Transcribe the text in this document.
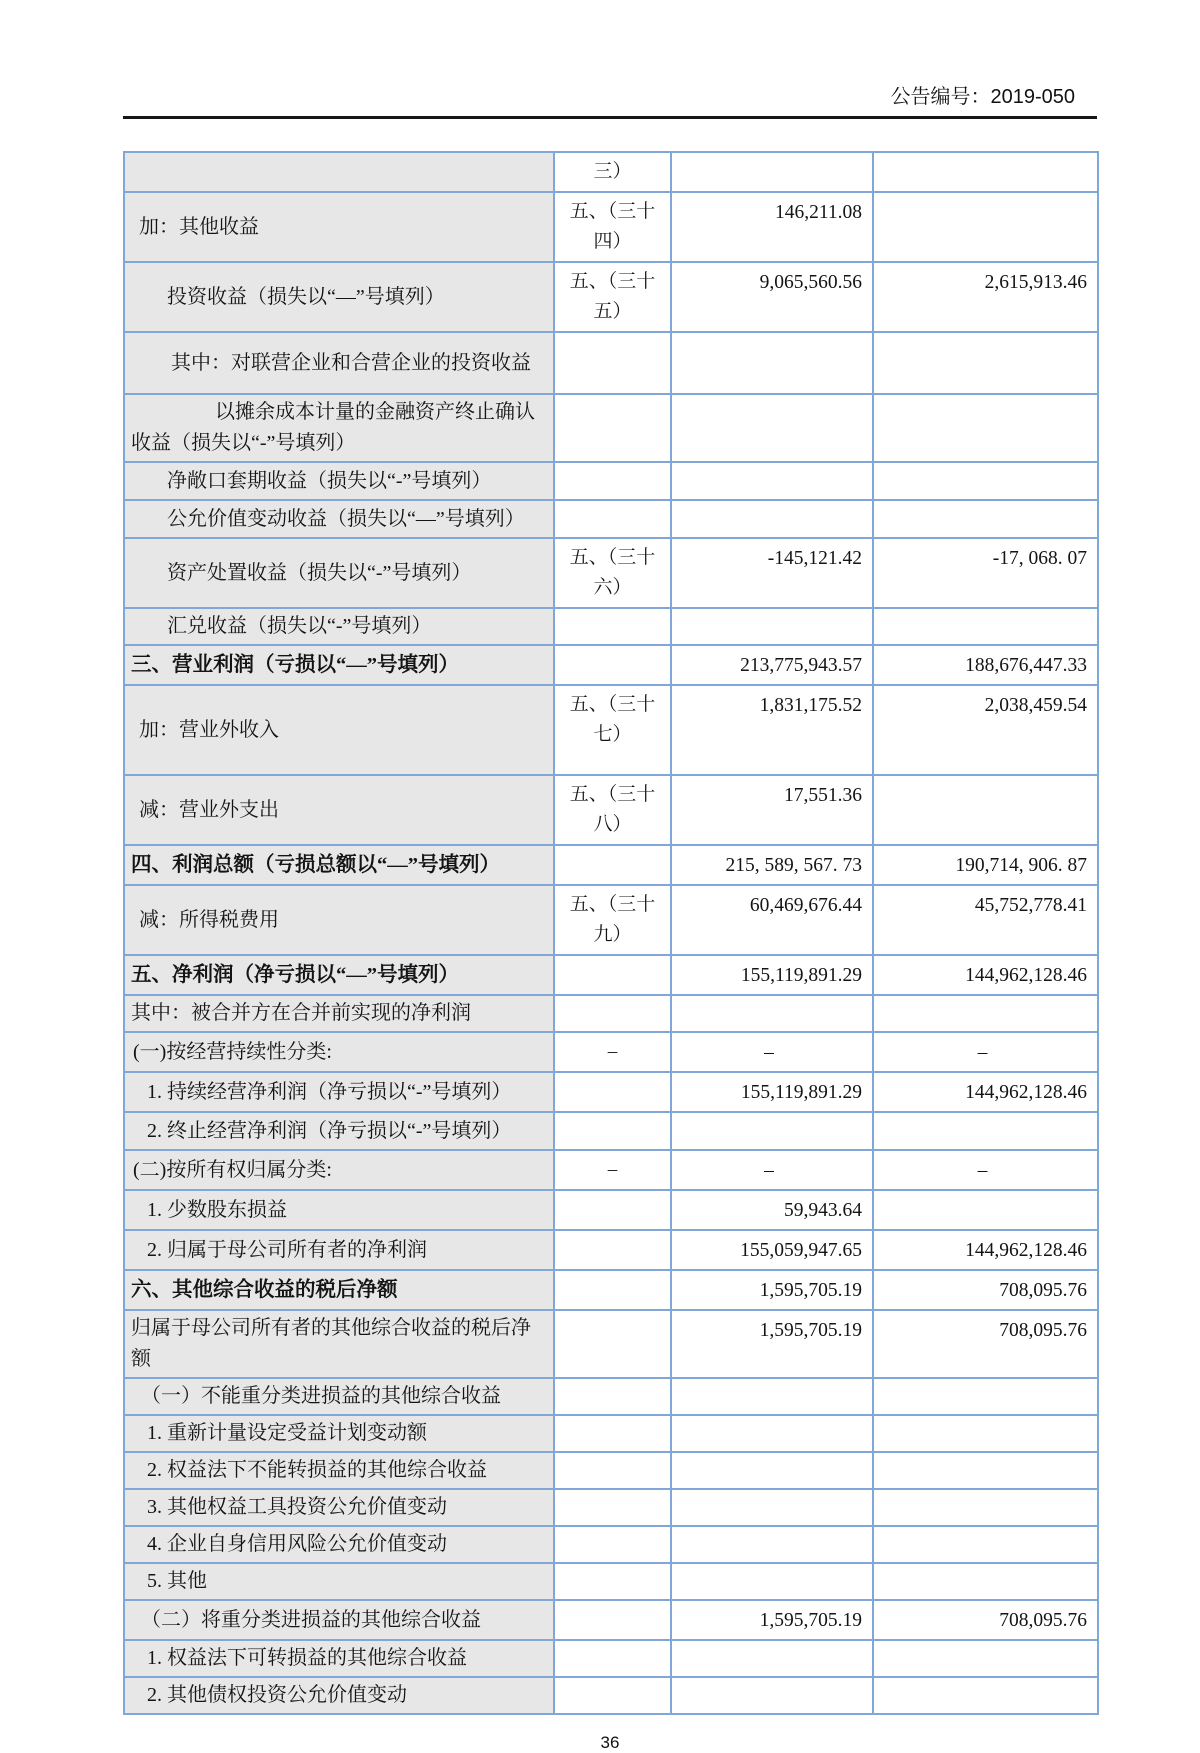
公告编号：2019-050
	三）		
加：其他收益	五、（三十四）	146,211.08	
投资收益（损失以“—”号填列）	五、（三十五）	9,065,560.56	2,615,913.46
其中：对联营企业和合营企业的投资收益			
以摊余成本计量的金融资产终止确认收益（损失以“-”号填列）			
净敞口套期收益（损失以“-”号填列）			
公允价值变动收益（损失以“—”号填列）			
资产处置收益（损失以“-”号填列）	五、（三十六）	-145,121.42	-17, 068. 07
汇兑收益（损失以“-”号填列）			
三、营业利润（亏损以“—”号填列）		213,775,943.57	188,676,447.33
加：营业外收入	五、（三十七）	1,831,175.52	2,038,459.54
减：营业外支出	五、（三十八）	17,551.36	
四、利润总额（亏损总额以“—”号填列）		215, 589, 567. 73	190,714, 906. 87
减：所得税费用	五、（三十九）	60,469,676.44	45,752,778.41
五、净利润（净亏损以“—”号填列）		155,119,891.29	144,962,128.46
其中：被合并方在合并前实现的净利润			
(一)按经营持续性分类:	–	–	–
1. 持续经营净利润（净亏损以“-”号填列）		155,119,891.29	144,962,128.46
2. 终止经营净利润（净亏损以“-”号填列）			
(二)按所有权归属分类:	–	–	–
1. 少数股东损益		59,943.64	
2. 归属于母公司所有者的净利润		155,059,947.65	144,962,128.46
六、其他综合收益的税后净额		1,595,705.19	708,095.76
归属于母公司所有者的其他综合收益的税后净额		1,595,705.19	708,095.76
（一）不能重分类进损益的其他综合收益			
1. 重新计量设定受益计划变动额			
2. 权益法下不能转损益的其他综合收益			
3. 其他权益工具投资公允价值变动			
4. 企业自身信用风险公允价值变动			
5. 其他			
（二）将重分类进损益的其他综合收益		1,595,705.19	708,095.76
1. 权益法下可转损益的其他综合收益			
2. 其他债权投资公允价值变动			
36
